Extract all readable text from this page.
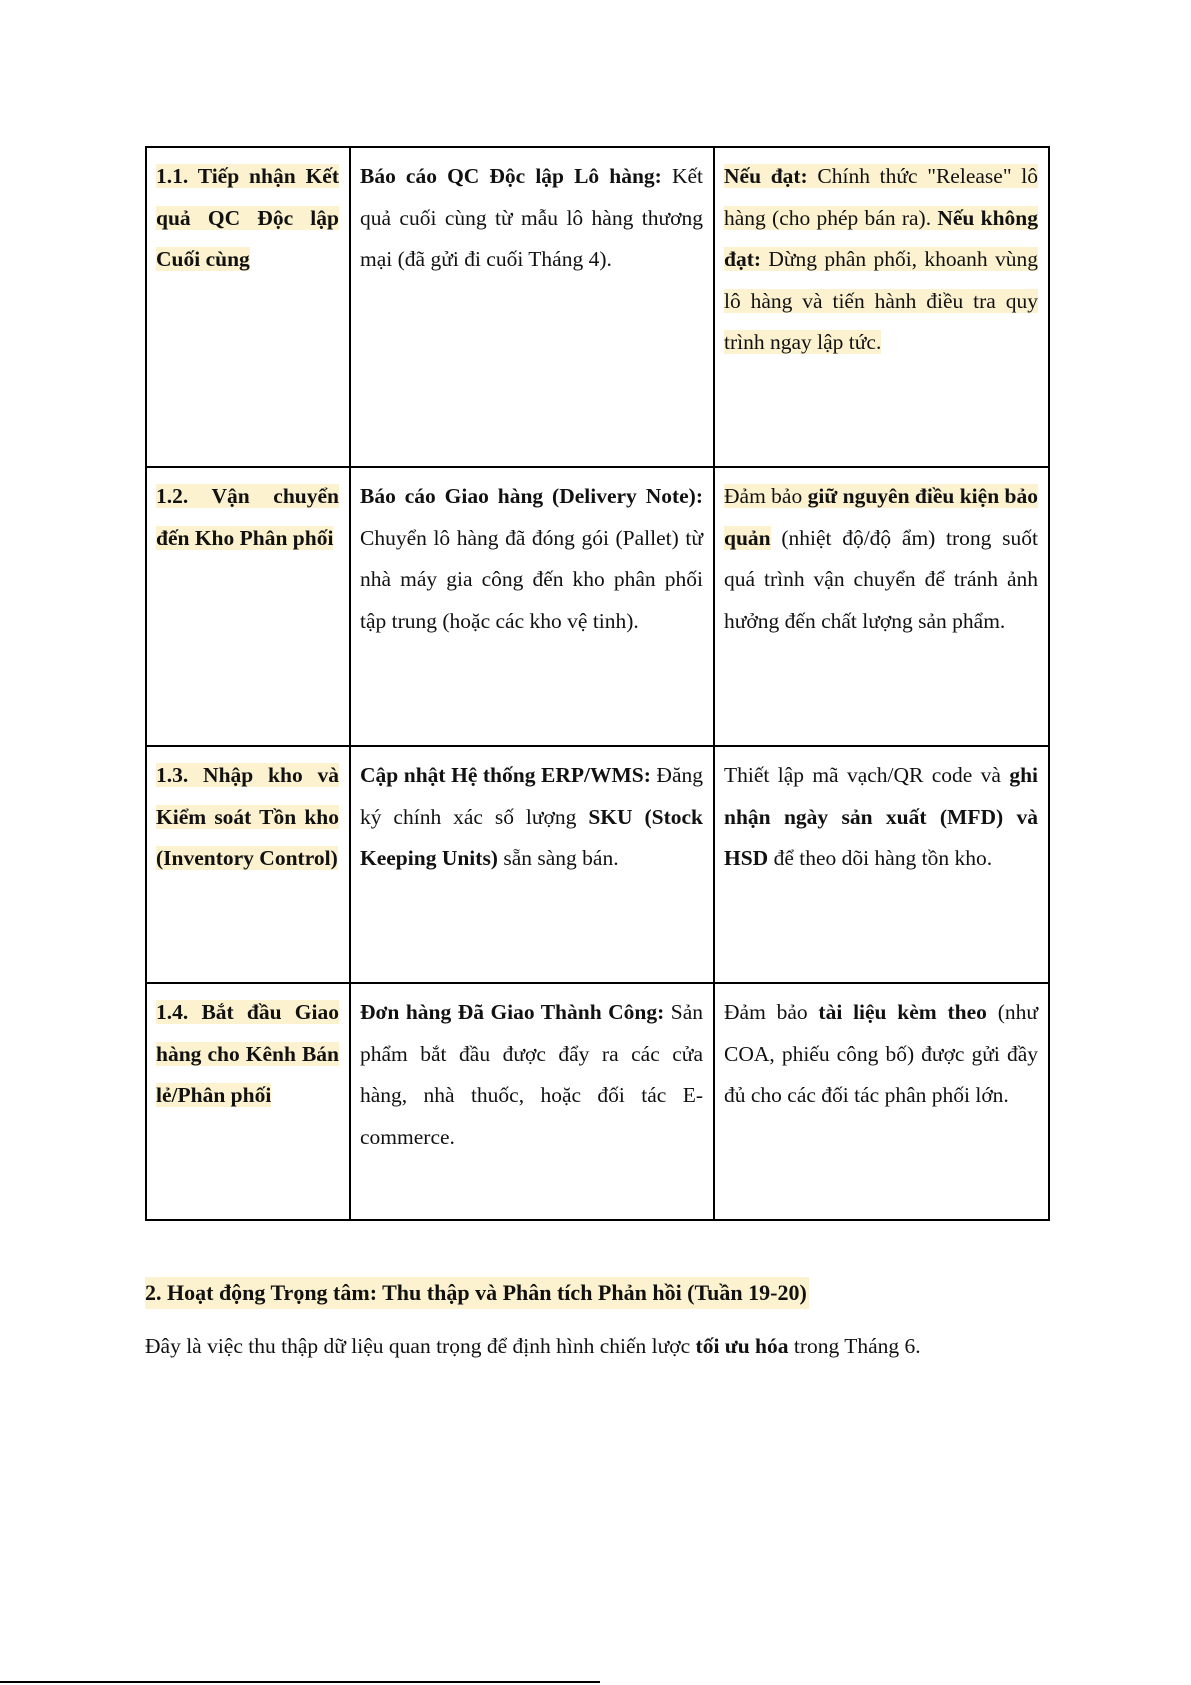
1.1. Tiếp nhận Kết quả QC Độc lập Cuối cùng	Báo cáo QC Độc lập Lô hàng: Kết quả cuối cùng từ mẫu lô hàng thương mại (đã gửi đi cuối Tháng 4).	Nếu đạt: Chính thức "Release" lô hàng (cho phép bán ra). Nếu không đạt: Dừng phân phối, khoanh vùng lô hàng và tiến hành điều tra quy trình ngay lập tức.
1.2. Vận chuyển đến Kho Phân phối	Báo cáo Giao hàng (Delivery Note): Chuyển lô hàng đã đóng gói (Pallet) từ nhà máy gia công đến kho phân phối tập trung (hoặc các kho vệ tinh).	Đảm bảo giữ nguyên điều kiện bảo quản (nhiệt độ/độ ẩm) trong suốt quá trình vận chuyển để tránh ảnh hưởng đến chất lượng sản phẩm.
1.3. Nhập kho và Kiểm soát Tồn kho (Inventory Control)	Cập nhật Hệ thống ERP/WMS: Đăng ký chính xác số lượng SKU (Stock Keeping Units) sẵn sàng bán.	Thiết lập mã vạch/QR code và ghi nhận ngày sản xuất (MFD) và HSD để theo dõi hàng tồn kho.
1.4. Bắt đầu Giao hàng cho Kênh Bán lẻ/Phân phối	Đơn hàng Đã Giao Thành Công: Sản phẩm bắt đầu được đẩy ra các cửa hàng, nhà thuốc, hoặc đối tác E-commerce.	Đảm bảo tài liệu kèm theo (như COA, phiếu công bố) được gửi đầy đủ cho các đối tác phân phối lớn.

2. Hoạt động Trọng tâm: Thu thập và Phân tích Phản hồi (Tuần 19-20)

Đây là việc thu thập dữ liệu quan trọng để định hình chiến lược tối ưu hóa trong Tháng 6.
